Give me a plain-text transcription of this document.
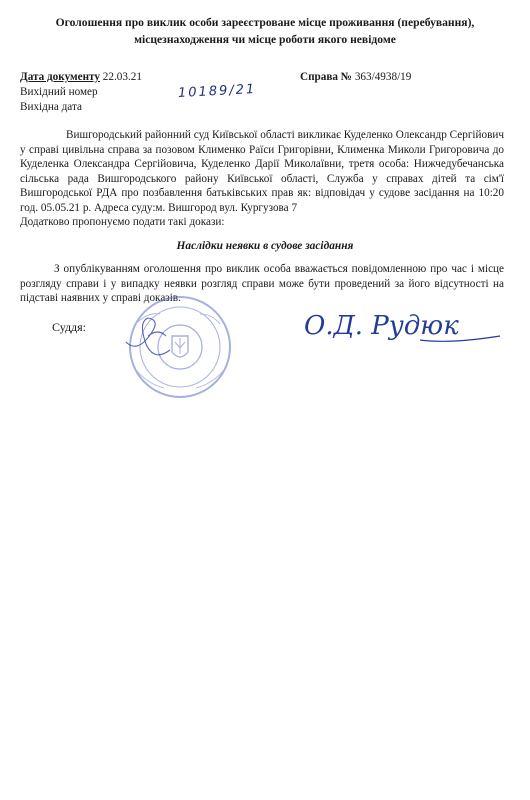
Оголошення про виклик особи зареєстроване місце проживання (перебування),
місцезнаходження чи місце роботи якого невідоме
Дата документу 22.03.21
Вихідний номер
Вихідна дата
10189/21
Справа № 363/4938/19

Вишгородський районний суд Київської області викликає Куделенко Олександр Сергійович у справі цивільна справа за позовом Клименко Раїси Григорівни, Клименка Миколи Григоровича до Куделенка Олександра Сергійовича, Куделенко Дарії Миколаївни, третя особа: Нижчедубечанська сільська рада Вишгородського району Київської області, Служба у справах дітей та сім'ї Вишгородської РДА про позбавлення батьківських прав як: відповідач у судове засідання на 10:20 год. 05.05.21 р. Адреса суду:м. Вишгород вул. Кургузова 7

Додатково пропонуємо подати такі докази:

Наслідки неявки в судове засідання
З опублікуванням оголошення про виклик особа вважається повідомленною про час і місце розгляду справи і у випадку неявки розгляд справи може бути проведений за його відсутності на підставі наявних у справі доказів.
Суддя:	О.Д. Рудюк
